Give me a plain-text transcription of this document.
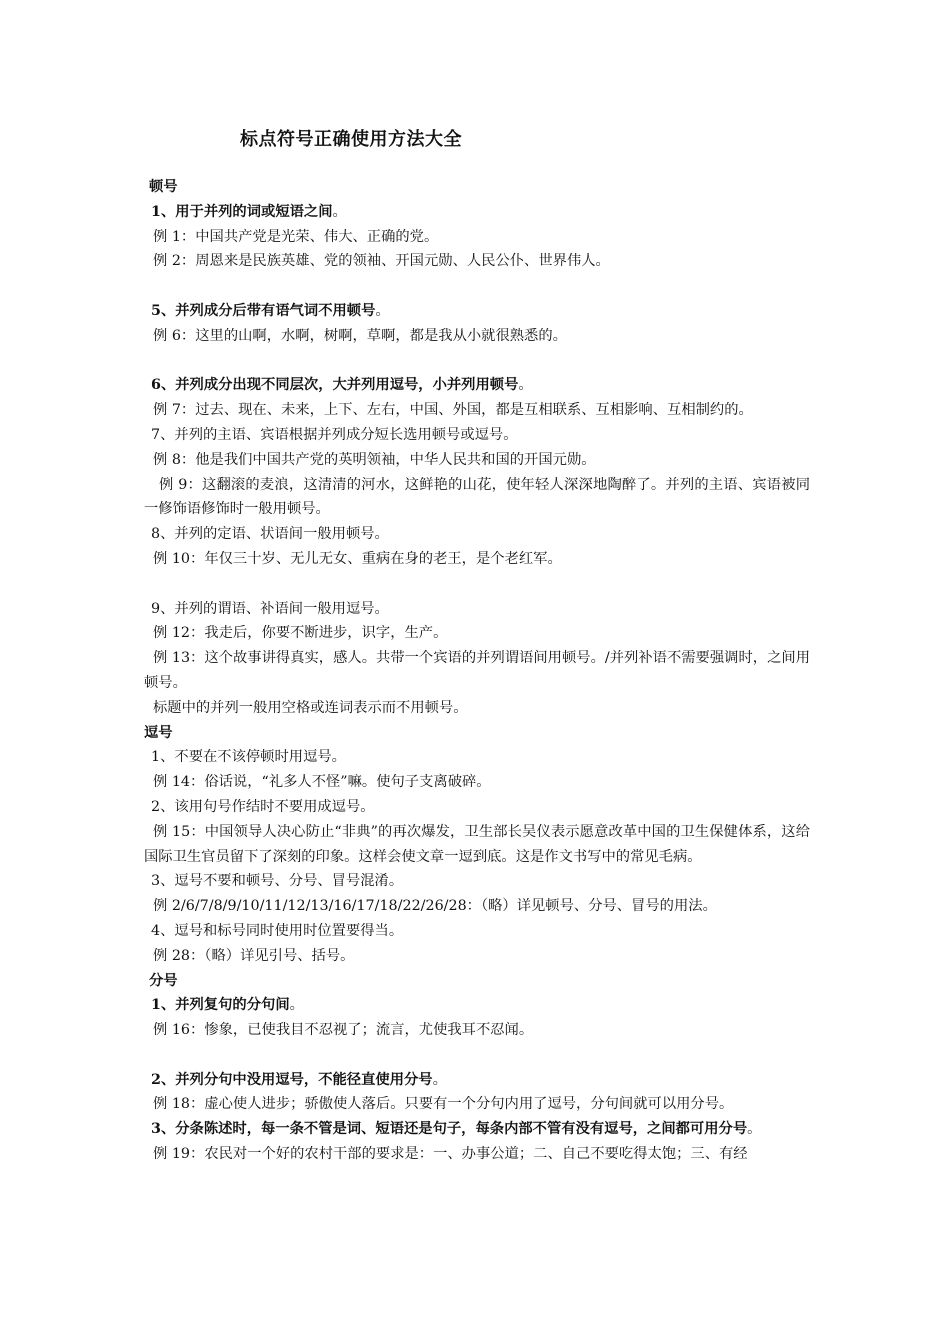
标点符号正确使用方法大全
顿号
1、用于并列的词或短语之间。
例 1：中国共产党是光荣、伟大、正确的党。
例 2：周恩来是民族英雄、党的领袖、开国元勋、人民公仆、世界伟人。
5、并列成分后带有语气词不用顿号。
例 6：这里的山啊，水啊，树啊，草啊，都是我从小就很熟悉的。
6、并列成分出现不同层次，大并列用逗号，小并列用顿号。
例 7：过去、现在、未来，上下、左右，中国、外国，都是互相联系、互相影响、互相制约的。
7、并列的主语、宾语根据并列成分短长选用顿号或逗号。
例 8：他是我们中国共产党的英明领袖，中华人民共和国的开国元勋。
例 9：这翻滚的麦浪，这清清的河水，这鲜艳的山花，使年轻人深深地陶醉了。并列的主语、宾语被同一修饰语修饰时一般用顿号。
8、并列的定语、状语间一般用顿号。
例 10：年仅三十岁、无儿无女、重病在身的老王，是个老红军。
9、并列的谓语、补语间一般用逗号。
例 12：我走后，你要不断进步，识字，生产。
例 13：这个故事讲得真实，感人。共带一个宾语的并列谓语间用顿号。/并列补语不需要强调时，之间用顿号。
标题中的并列一般用空格或连词表示而不用顿号。
逗号
1、不要在不该停顿时用逗号。
例 14：俗话说，“礼多人不怪”嘛。使句子支离破碎。
2、该用句号作结时不要用成逗号。
例 15：中国领导人决心防止“非典”的再次爆发，卫生部长吴仪表示愿意改革中国的卫生保健体系，这给国际卫生官员留下了深刻的印象。这样会使文章一逗到底。这是作文书写中的常见毛病。
3、逗号不要和顿号、分号、冒号混淆。
例 2/6/7/8/9/10/11/12/13/16/17/18/22/26/28：（略）详见顿号、分号、冒号的用法。
4、逗号和标号同时使用时位置要得当。
例 28：（略）详见引号、括号。
分号
1、并列复句的分句间。
例 16：惨象，已使我目不忍视了；流言，尤使我耳不忍闻。
2、并列分句中没用逗号，不能径直使用分号。
例 18：虚心使人进步；骄傲使人落后。只要有一个分句内用了逗号，分句间就可以用分号。
3、分条陈述时，每一条不管是词、短语还是句子，每条内部不管有没有逗号，之间都可用分号。
例 19：农民对一个好的农村干部的要求是：一、办事公道；二、自己不要吃得太饱；三、有经
